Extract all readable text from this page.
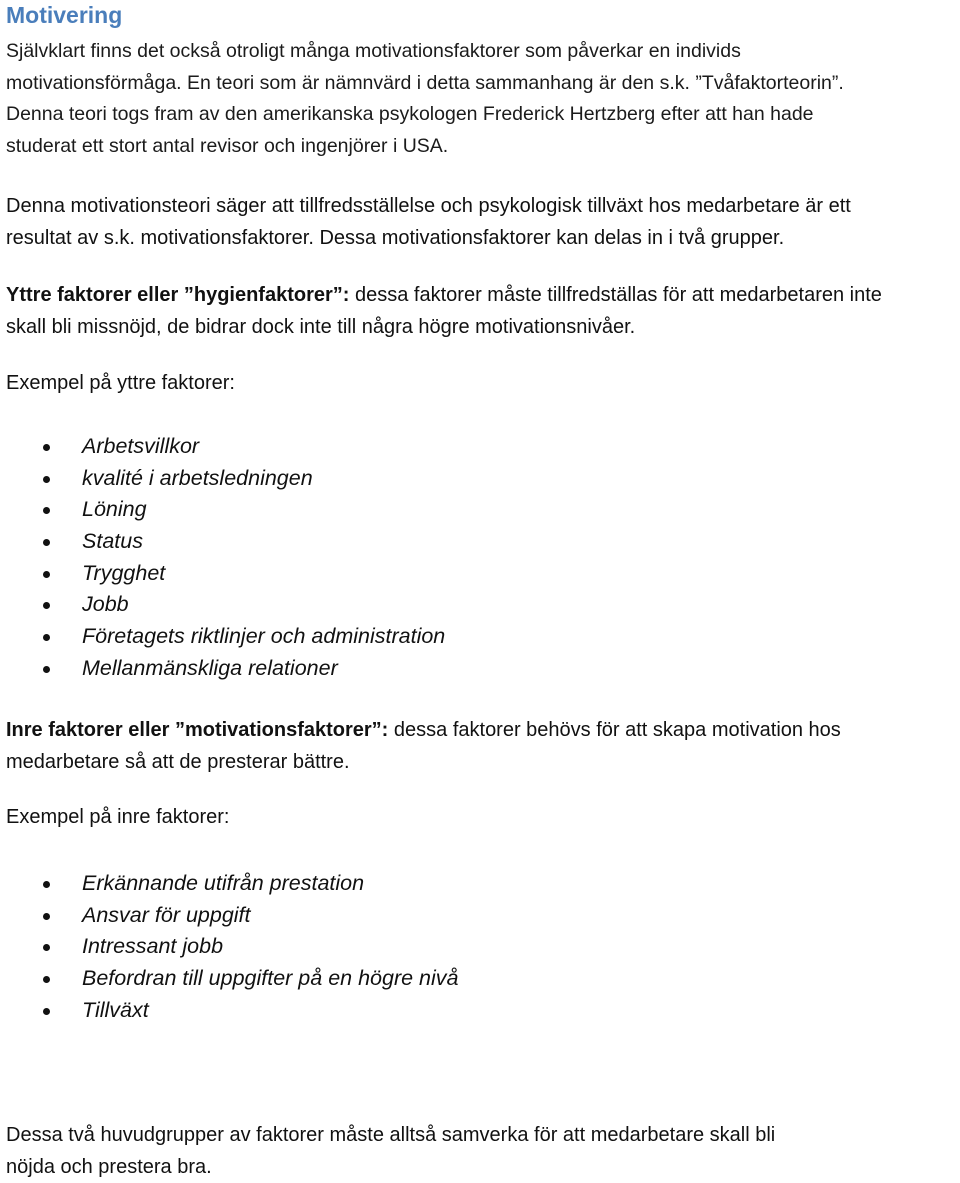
Motivering
Självklart finns det också otroligt många motivationsfaktorer som påverkar en individs
motivationsförmåga. En teori som är nämnvärd i detta sammanhang är den s.k. ”Tvåfaktorteorin”.
Denna teori togs fram av den amerikanska psykologen Frederick Hertzberg efter att han hade
studerat ett stort antal revisor och ingenjörer i USA.
Denna motivationsteori säger att tillfredsställelse och psykologisk tillväxt hos medarbetare är ett
resultat av s.k. motivationsfaktorer. Dessa motivationsfaktorer kan delas in i två grupper.
Yttre faktorer eller ”hygienfaktorer”: dessa faktorer måste tillfredställas för att medarbetaren inte
skall bli missnöjd, de bidrar dock inte till några högre motivationsnivåer.
Exempel på yttre faktorer:
Arbetsvillkor
kvalité i arbetsledningen
Löning
Status
Trygghet
Jobb
Företagets riktlinjer och administration
Mellanmänskliga relationer
Inre faktorer eller ”motivationsfaktorer”: dessa faktorer behövs för att skapa motivation hos
medarbetare så att de presterar bättre.
Exempel på inre faktorer:
Erkännande utifrån prestation
Ansvar för uppgift
Intressant jobb
Befordran till uppgifter på en högre nivå
Tillväxt
Dessa två huvudgrupper av faktorer måste alltså samverka för att medarbetare skall bli
nöjda och prestera bra.
